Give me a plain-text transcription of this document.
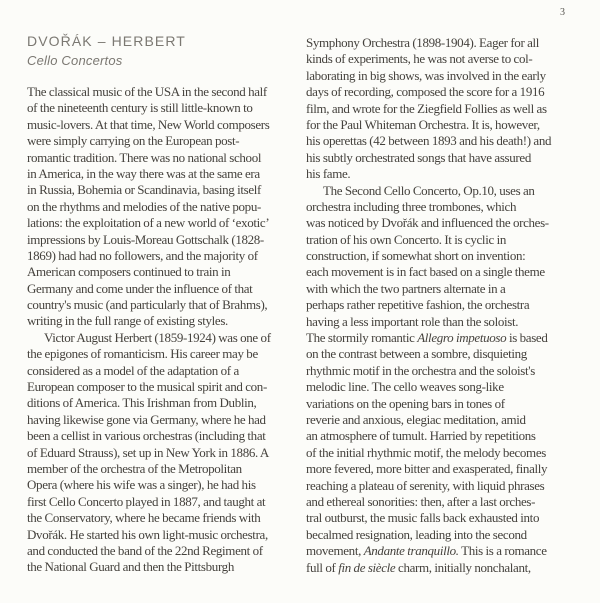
3
DVOŘÁK – HERBERT
Cello Concertos
The classical music of the USA in the second half
of the nineteenth century is still little-known to
music-lovers. At that time, New World composers
were simply carrying on the European post-
romantic tradition. There was no national school
in America, in the way there was at the same era
in Russia, Bohemia or Scandinavia, basing itself
on the rhythms and melodies of the native popu-
lations: the exploitation of a new world of ‘exotic’
impressions by Louis-Moreau Gottschalk (1828-
1869) had had no followers, and the majority of
American composers continued to train in
Germany and come under the influence of that
country's music (and particularly that of Brahms),
writing in the full range of existing styles.
Victor August Herbert (1859-1924) was one of
the epigones of romanticism. His career may be
considered as a model of the adaptation of a
European composer to the musical spirit and con-
ditions of America. This Irishman from Dublin,
having likewise gone via Germany, where he had
been a cellist in various orchestras (including that
of Eduard Strauss), set up in New York in 1886. A
member of the orchestra of the Metropolitan
Opera (where his wife was a singer), he had his
first Cello Concerto played in 1887, and taught at
the Conservatory, where he became friends with
Dvořák. He started his own light-music orchestra,
and conducted the band of the 22nd Regiment of
the National Guard and then the Pittsburgh
Symphony Orchestra (1898-1904). Eager for all
kinds of experiments, he was not averse to col-
laborating in big shows, was involved in the early
days of recording, composed the score for a 1916
film, and wrote for the Ziegfield Follies as well as
for the Paul Whiteman Orchestra. It is, however,
his operettas (42 between 1893 and his death!) and
his subtly orchestrated songs that have assured
his fame.
The Second Cello Concerto, Op.10, uses an
orchestra including three trombones, which
was noticed by Dvořák and influenced the orches-
tration of his own Concerto. It is cyclic in
construction, if somewhat short on invention:
each movement is in fact based on a single theme
with which the two partners alternate in a
perhaps rather repetitive fashion, the orchestra
having a less important role than the soloist.
The stormily romantic Allegro impetuoso is based
on the contrast between a sombre, disquieting
rhythmic motif in the orchestra and the soloist's
melodic line. The cello weaves song-like
variations on the opening bars in tones of
reverie and anxious, elegiac meditation, amid
an atmosphere of tumult. Harried by repetitions
of the initial rhythmic motif, the melody becomes
more fevered, more bitter and exasperated, finally
reaching a plateau of serenity, with liquid phrases
and ethereal sonorities: then, after a last orches-
tral outburst, the music falls back exhausted into
becalmed resignation, leading into the second
movement, Andante tranquillo. This is a romance
full of fin de siècle charm, initially nonchalant,
